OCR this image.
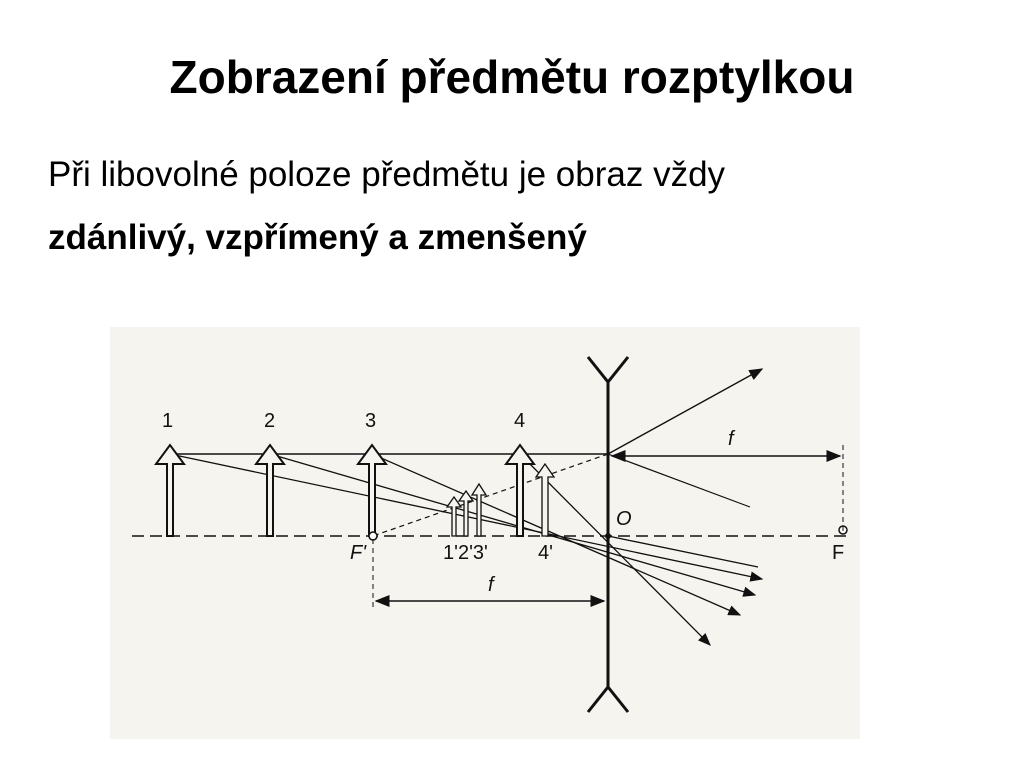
Zobrazení předmětu rozptylkou

Při libovolné poloze předmětu je obraz vždy

zdánlivý, vzpřímený a zmenšený

1	2	3	4
1'2'3'	4'
F'	F
O
f
f
